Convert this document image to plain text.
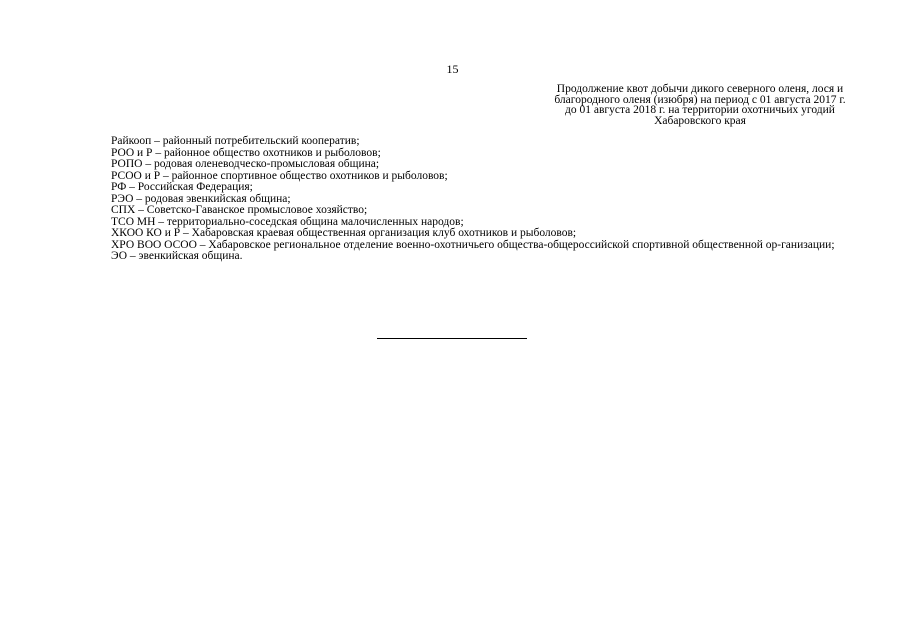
15
Продолжение квот добычи дикого северного оленя, лося и
благородного оленя (изюбря) на период с 01 августа 2017 г.
до 01 августа 2018 г. на территории охотничьих угодий
Хабаровского края
Райкооп – районный потребительский кооператив;
РОО и Р – районное общество охотников и рыболовов;
РОПО – родовая оленеводческо-промысловая община;
РСОО и Р – районное спортивное общество охотников и рыболовов;
РФ – Российская Федерация;
РЭО – родовая эвенкийская община;
СПХ – Советско-Гаванское промысловое хозяйство;
ТСО МН – территориально-соседская община малочисленных народов;
ХКОО КО и Р – Хабаровская краевая общественная организация клуб охотников и рыболовов;
ХРО ВОО ОСОО – Хабаровское региональное отделение военно-охотничьего общества-общероссийской спортивной общественной ор-ганизации;
ЭО – эвенкийская община.
